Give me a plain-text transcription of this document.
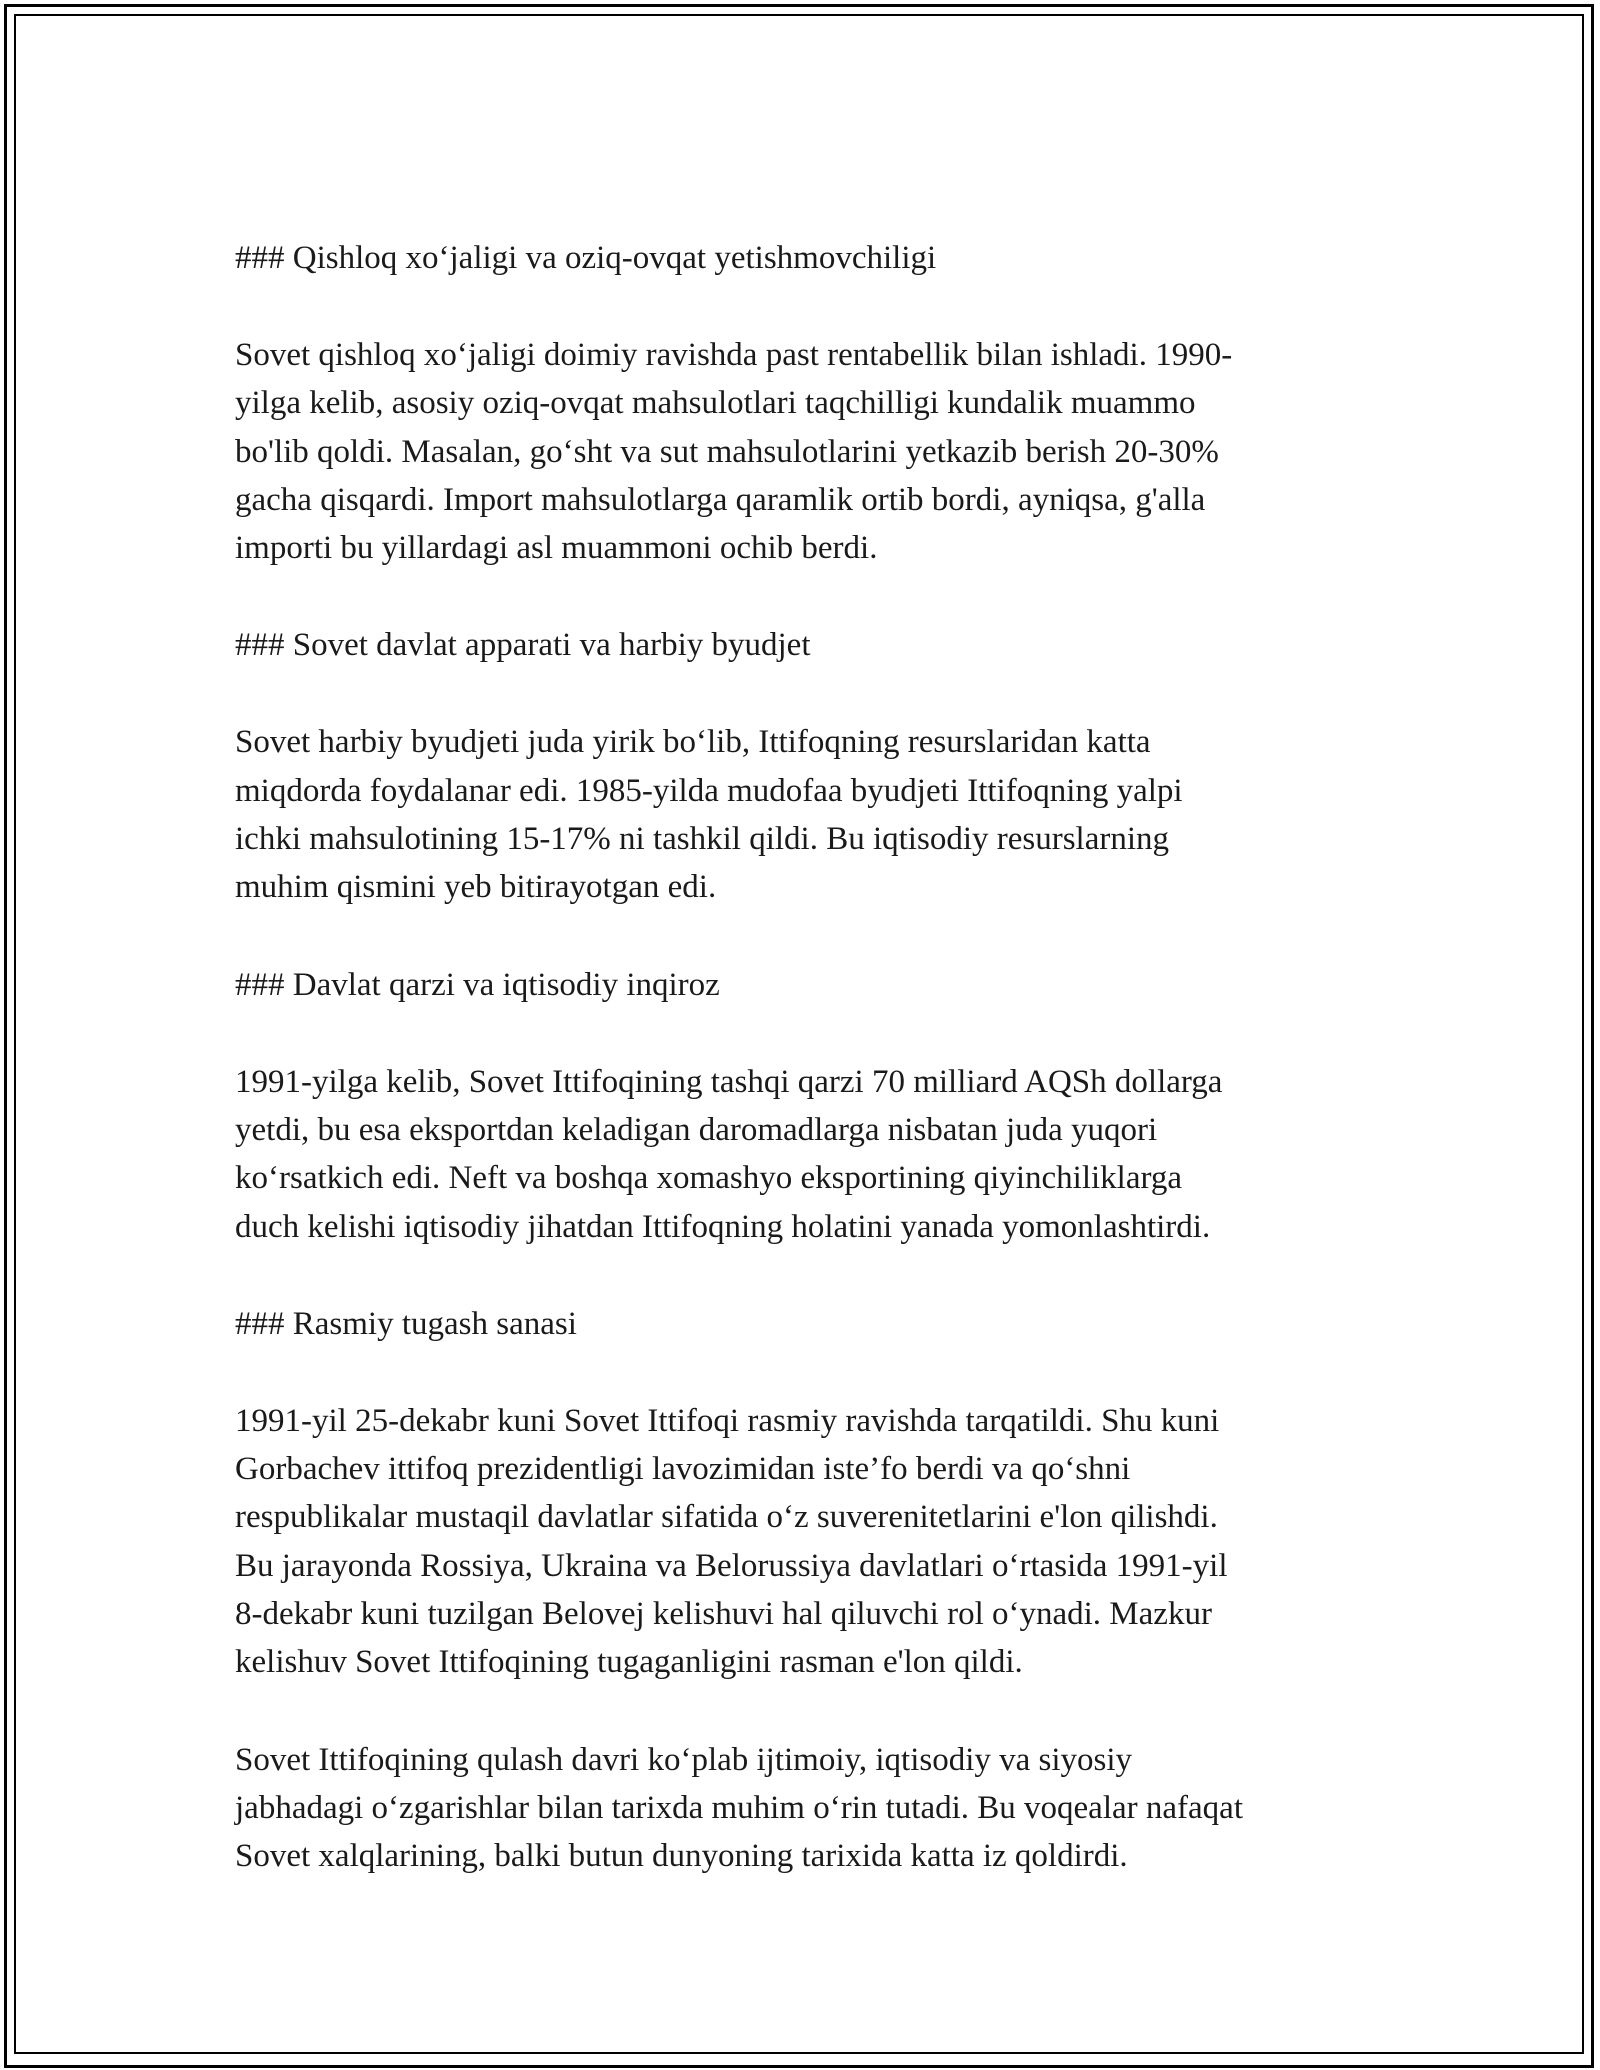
### Qishloq xo‘jaligi va oziq-ovqat yetishmovchiligi
Sovet qishloq xo‘jaligi doimiy ravishda past rentabellik bilan ishladi. 1990-
yilga kelib, asosiy oziq-ovqat mahsulotlari taqchilligi kundalik muammo
bo'lib qoldi. Masalan, go‘sht va sut mahsulotlarini yetkazib berish 20-30%
gacha qisqardi. Import mahsulotlarga qaramlik ortib bordi, ayniqsa, g'alla
importi bu yillardagi asl muammoni ochib berdi.
### Sovet davlat apparati va harbiy byudjet
Sovet harbiy byudjeti juda yirik bo‘lib, Ittifoqning resurslaridan katta
miqdorda foydalanar edi. 1985-yilda mudofaa byudjeti Ittifoqning yalpi
ichki mahsulotining 15-17% ni tashkil qildi. Bu iqtisodiy resurslarning
muhim qismini yeb bitirayotgan edi.
### Davlat qarzi va iqtisodiy inqiroz
1991-yilga kelib, Sovet Ittifoqining tashqi qarzi 70 milliard AQSh dollarga
yetdi, bu esa eksportdan keladigan daromadlarga nisbatan juda yuqori
ko‘rsatkich edi. Neft va boshqa xomashyo eksportining qiyinchiliklarga
duch kelishi iqtisodiy jihatdan Ittifoqning holatini yanada yomonlashtirdi.
### Rasmiy tugash sanasi
1991-yil 25-dekabr kuni Sovet Ittifoqi rasmiy ravishda tarqatildi. Shu kuni
Gorbachev ittifoq prezidentligi lavozimidan iste’fo berdi va qo‘shni
respublikalar mustaqil davlatlar sifatida o‘z suverenitetlarini e'lon qilishdi.
Bu jarayonda Rossiya, Ukraina va Belorussiya davlatlari o‘rtasida 1991-yil
8-dekabr kuni tuzilgan Belovej kelishuvi hal qiluvchi rol o‘ynadi. Mazkur
kelishuv Sovet Ittifoqining tugaganligini rasman e'lon qildi.
Sovet Ittifoqining qulash davri ko‘plab ijtimoiy, iqtisodiy va siyosiy
jabhadagi o‘zgarishlar bilan tarixda muhim o‘rin tutadi. Bu voqealar nafaqat
Sovet xalqlarining, balki butun dunyoning tarixida katta iz qoldirdi.
